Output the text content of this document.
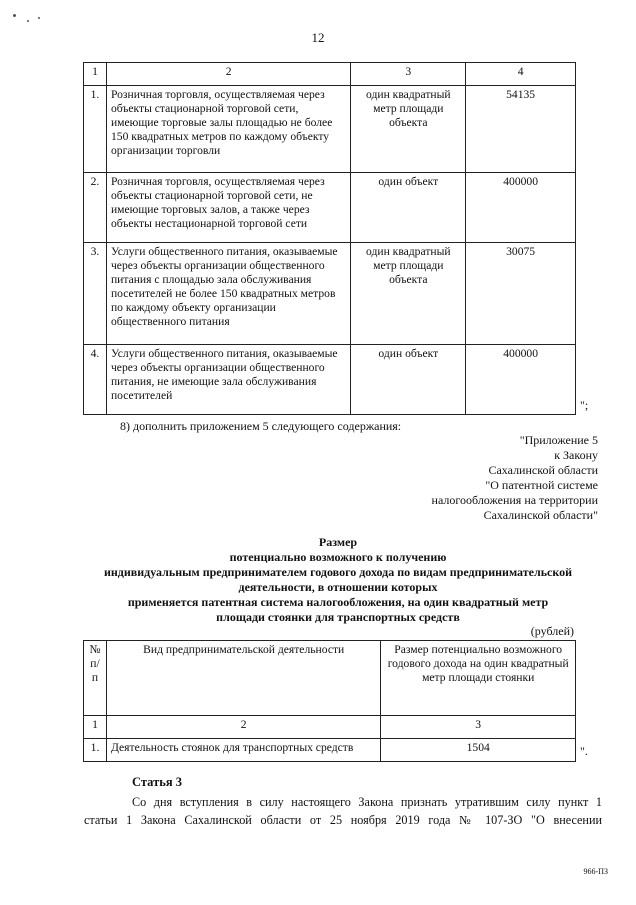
12
1	2	3	4
1.	Розничная торговля, осуществляемая через объекты стационарной торговой сети, имеющие торговые залы площадью не более 150 квадратных метров по каждому объекту организации торговли	один квадратный метр площади объекта	54135
2.	Розничная торговля, осуществляемая через объекты стационарной торговой сети, не имеющие торговых залов, а также через объекты нестационарной торговой сети	один объект	400000
3.	Услуги общественного питания, оказываемые через объекты организации общественного питания с площадью зала обслуживания посетителей не более 150 квадратных метров по каждому объекту организации общественного питания	один квадратный метр площади объекта	30075
4.	Услуги общественного питания, оказываемые через объекты организации общественного питания, не имеющие зала обслуживания посетителей	один объект	400000
";
8) дополнить приложением 5 следующего содержания:
"Приложение 5
к Закону
Сахалинской области
"О патентной системе
налогообложения на территории
Сахалинской области"
Размер
потенциально возможного к получению
индивидуальным предпринимателем годового дохода по видам предпринимательской
деятельности, в отношении которых
применяется патентная система налогообложения, на один квадратный метр
площади стоянки для транспортных средств
(рублей)
№ п/п	Вид предпринимательской деятельности	Размер потенциально возможного годового дохода на один квадратный метр площади стоянки
1	2	3
1.	Деятельность стоянок для транспортных средств	1504	".
Статья 3
Со дня вступления в силу настоящего Закона признать утратившим силу пункт 1
статьи 1 Закона Сахалинской области от 25 ноября 2019 года № 107-ЗО "О внесении
966-ПЗ
